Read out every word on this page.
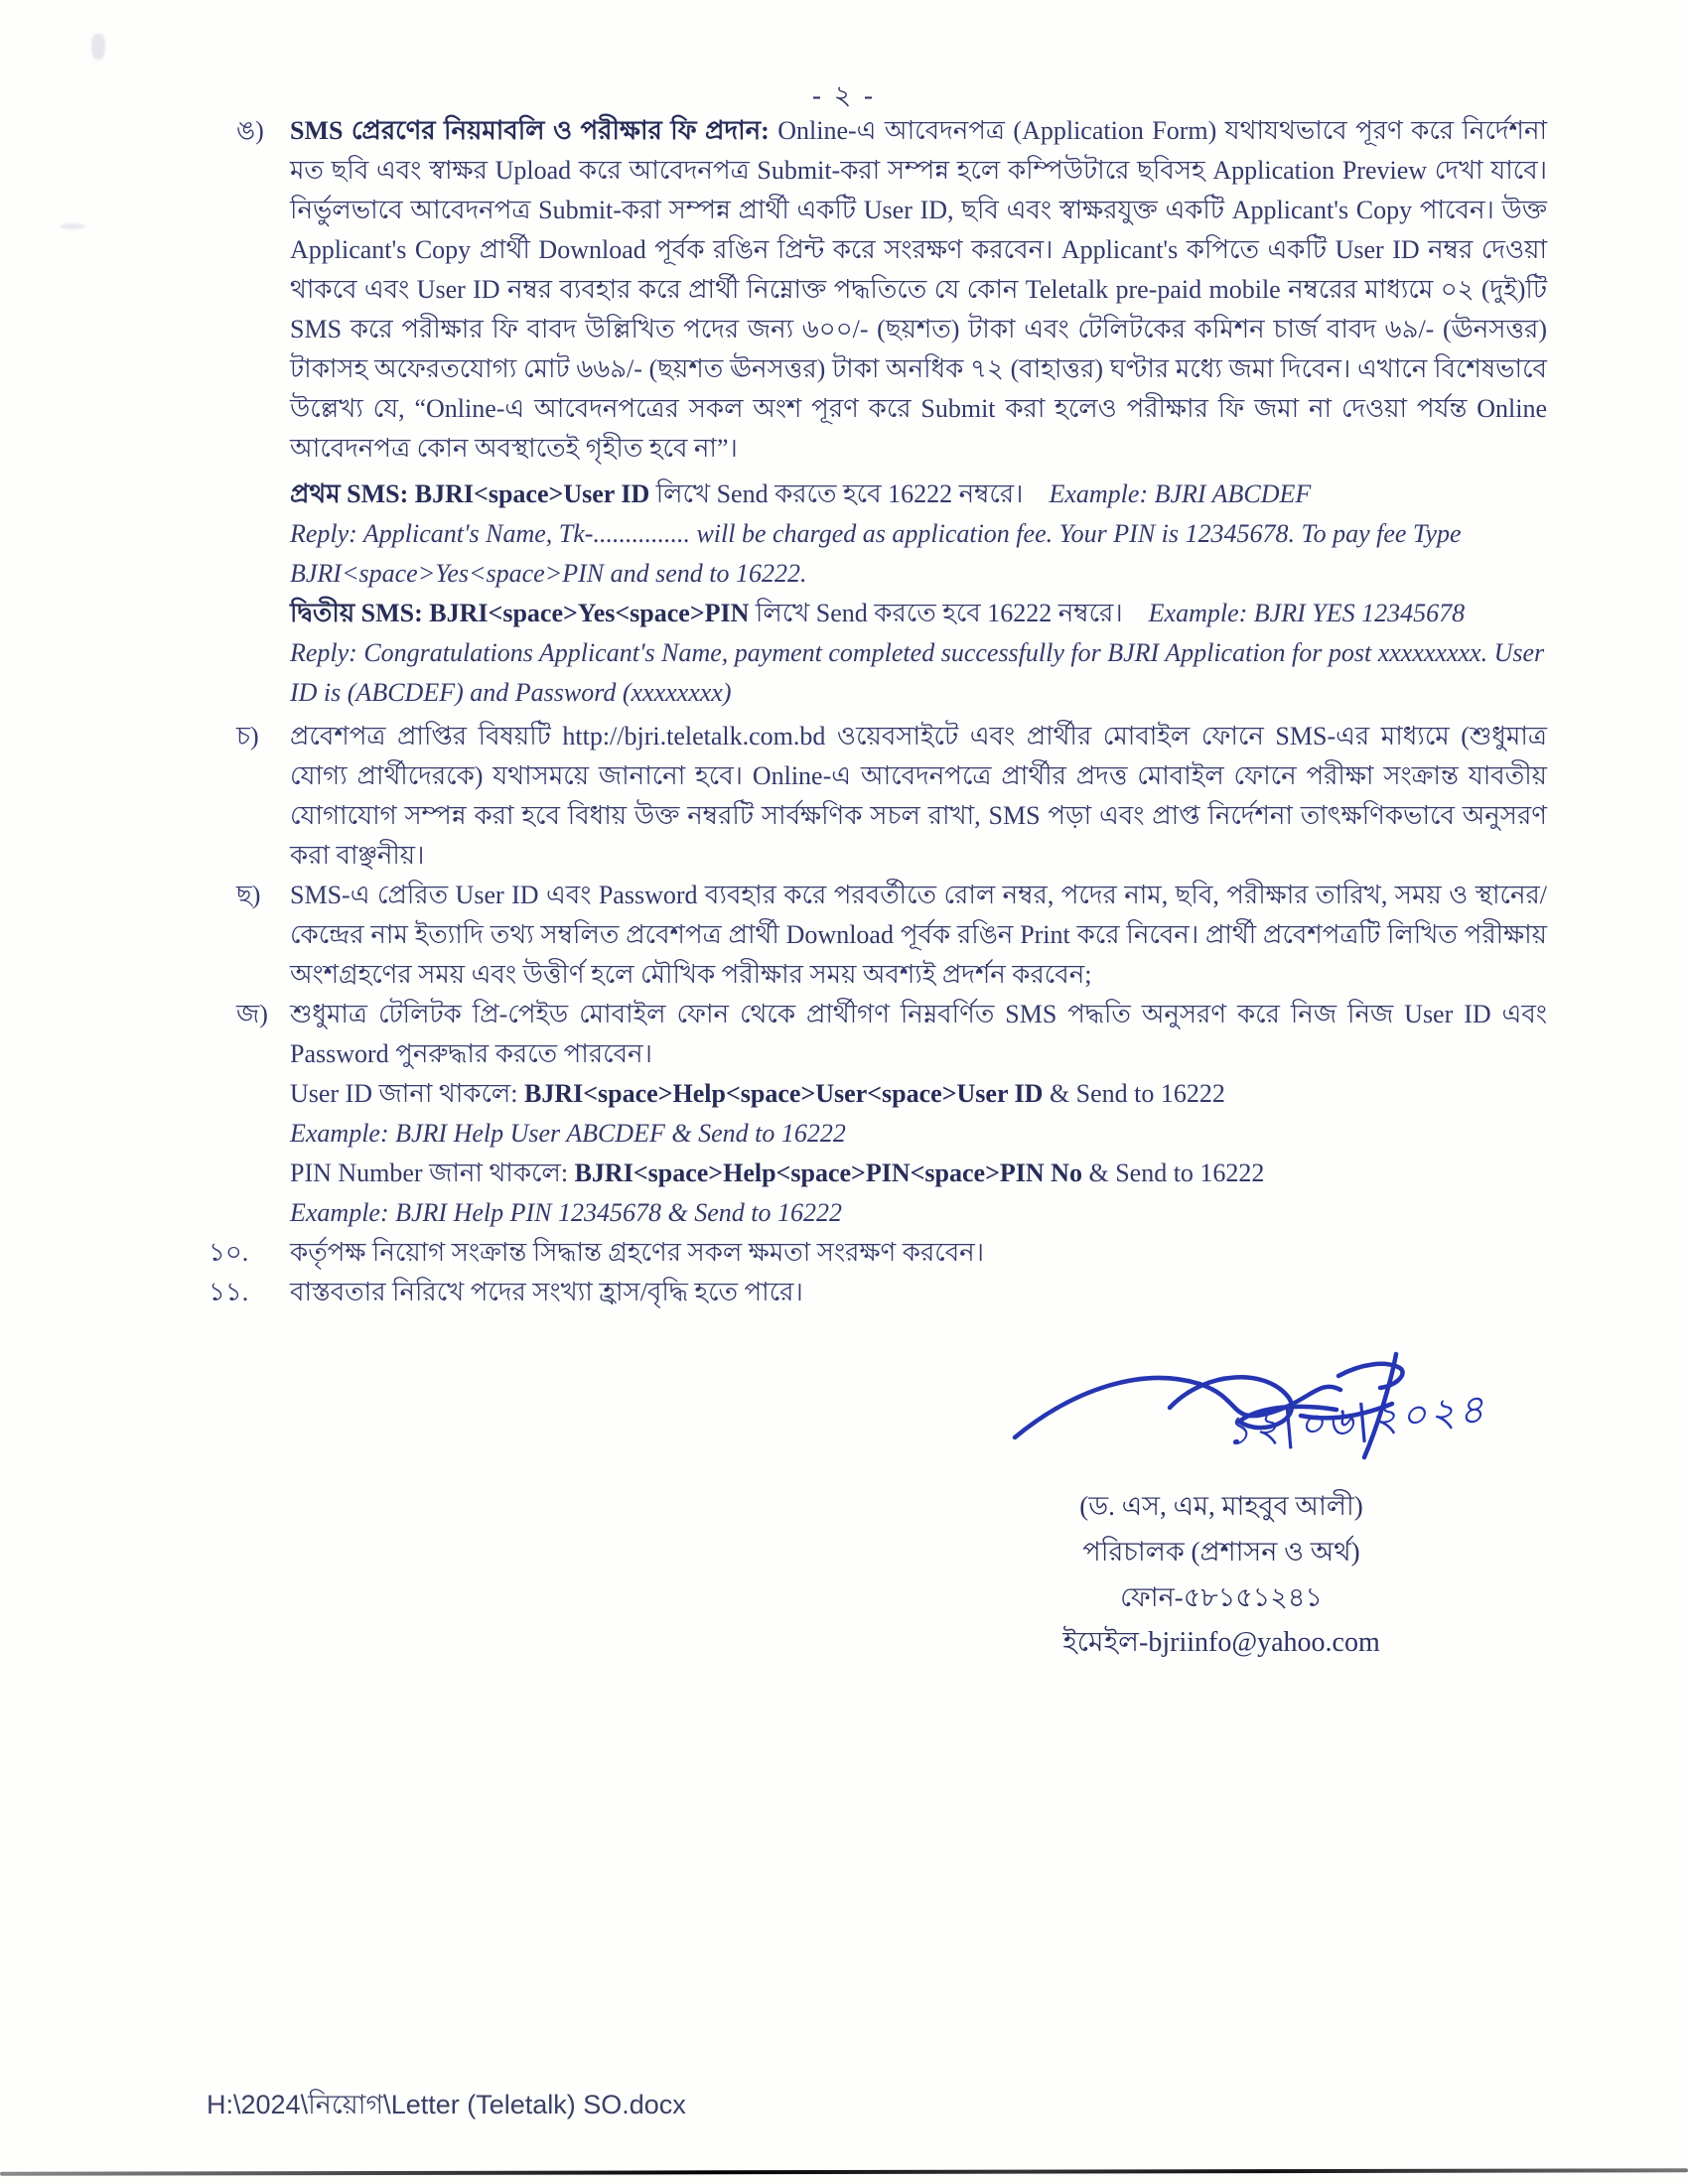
- ২ -
ঙ)	SMS প্রেরণের নিয়মাবলি ও পরীক্ষার ফি প্রদান: Online-এ আবেদনপত্র (Application Form) যথাযথভাবে পূরণ করে নির্দেশনা মত ছবি এবং স্বাক্ষর Upload করে আবেদনপত্র Submit-করা সম্পন্ন হলে কম্পিউটারে ছবিসহ Application Preview দেখা যাবে। নির্ভুলভাবে আবেদনপত্র Submit-করা সম্পন্ন প্রার্থী একটি User ID, ছবি এবং স্বাক্ষরযুক্ত একটি Applicant's Copy পাবেন। উক্ত Applicant's Copy প্রার্থী Download পূর্বক রঙিন প্রিন্ট করে সংরক্ষণ করবেন। Applicant's কপিতে একটি User ID নম্বর দেওয়া থাকবে এবং User ID নম্বর ব্যবহার করে প্রার্থী নিম্নোক্ত পদ্ধতিতে যে কোন Teletalk pre-paid mobile নম্বরের মাধ্যমে ০২ (দুই)টি SMS করে পরীক্ষার ফি বাবদ উল্লিখিত পদের জন্য ৬০০/- (ছয়শত) টাকা এবং টেলিটকের কমিশন চার্জ বাবদ ৬৯/- (ঊনসত্তর) টাকাসহ অফেরতযোগ্য মোট ৬৬৯/- (ছয়শত ঊনসত্তর) টাকা অনধিক ৭২ (বাহাত্তর) ঘণ্টার মধ্যে জমা দিবেন। এখানে বিশেষভাবে উল্লেখ্য যে, “Online-এ আবেদনপত্রের সকল অংশ পূরণ করে Submit করা হলেও পরীক্ষার ফি জমা না দেওয়া পর্যন্ত Online আবেদনপত্র কোন অবস্থাতেই গৃহীত হবে না”।
প্রথম SMS: BJRI<space>User ID লিখে Send করতে হবে 16222 নম্বরে। Example: BJRI ABCDEF
Reply: Applicant's Name, Tk-............... will be charged as application fee. Your PIN is 12345678. To pay fee Type BJRI<space>Yes<space>PIN and send to 16222.
দ্বিতীয় SMS: BJRI<space>Yes<space>PIN লিখে Send করতে হবে 16222 নম্বরে। Example: BJRI YES 12345678
Reply: Congratulations Applicant's Name, payment completed successfully for BJRI Application for post xxxxxxxxx. User ID is (ABCDEF) and Password (xxxxxxxx)
চ)	প্রবেশপত্র প্রাপ্তির বিষয়টি http://bjri.teletalk.com.bd ওয়েবসাইটে এবং প্রার্থীর মোবাইল ফোনে SMS-এর মাধ্যমে (শুধুমাত্র যোগ্য প্রার্থীদেরকে) যথাসময়ে জানানো হবে। Online-এ আবেদনপত্রে প্রার্থীর প্রদত্ত মোবাইল ফোনে পরীক্ষা সংক্রান্ত যাবতীয় যোগাযোগ সম্পন্ন করা হবে বিধায় উক্ত নম্বরটি সার্বক্ষণিক সচল রাখা, SMS পড়া এবং প্রাপ্ত নির্দেশনা তাৎক্ষণিকভাবে অনুসরণ করা বাঞ্ছনীয়।
ছ)	SMS-এ প্রেরিত User ID এবং Password ব্যবহার করে পরবর্তীতে রোল নম্বর, পদের নাম, ছবি, পরীক্ষার তারিখ, সময় ও স্থানের/কেন্দ্রের নাম ইত্যাদি তথ্য সম্বলিত প্রবেশপত্র প্রার্থী Download পূর্বক রঙিন Print করে নিবেন। প্রার্থী প্রবেশপত্রটি লিখিত পরীক্ষায় অংশগ্রহণের সময় এবং উত্তীর্ণ হলে মৌখিক পরীক্ষার সময় অবশ্যই প্রদর্শন করবেন;
জ) শুধুমাত্র টেলিটক প্রি-পেইড মোবাইল ফোন থেকে প্রার্থীগণ নিম্নবর্ণিত SMS পদ্ধতি অনুসরণ করে নিজ নিজ User ID এবং Password পুনরুদ্ধার করতে পারবেন।
User ID জানা থাকলে: BJRI<space>Help<space>User<space>User ID & Send to 16222
Example: BJRI Help User ABCDEF & Send to 16222
PIN Number জানা থাকলে: BJRI<space>Help<space>PIN<space>PIN No & Send to 16222
Example: BJRI Help PIN 12345678 & Send to 16222
১০.	কর্তৃপক্ষ নিয়োগ সংক্রান্ত সিদ্ধান্ত গ্রহণের সকল ক্ষমতা সংরক্ষণ করবেন।
১১.	বাস্তবতার নিরিখে পদের সংখ্যা হ্রাস/বৃদ্ধি হতে পারে।
১২|০৬|২০২৪
(ড. এস, এম, মাহবুব আলী)
পরিচালক (প্রশাসন ও অর্থ)
ফোন-৫৮১৫১২৪১
ইমেইল-bjriinfo@yahoo.com
H:\2024\নিয়োগ\Letter (Teletalk) SO.docx
